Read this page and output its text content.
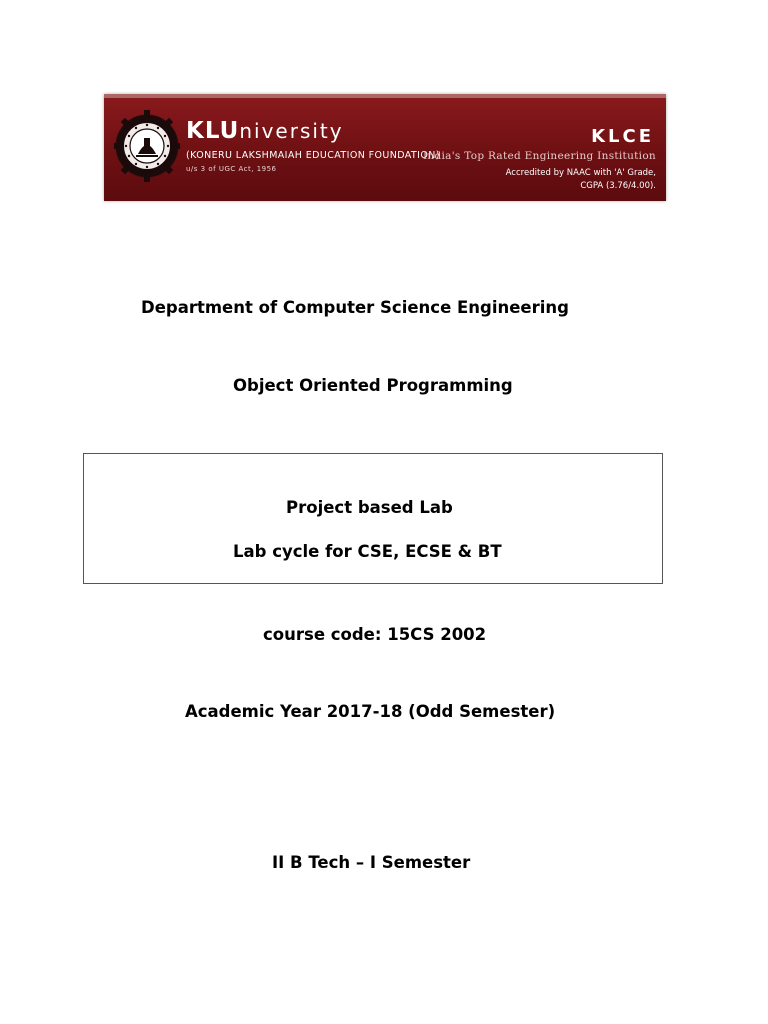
KLUniversity
(KONERU LAKSHMAIAH EDUCATION FOUNDATION)
u/s 3 of UGC Act, 1956
KLCE
India's Top Rated Engineering Institution
Accredited by NAAC with 'A' Grade,
CGPA (3.76/4.00).
Department of Computer Science Engineering
Object Oriented Programming
Project based Lab
Lab cycle for CSE, ECSE & BT
course code: 15CS 2002
Academic Year 2017-18 (Odd Semester)
II B Tech – I Semester
